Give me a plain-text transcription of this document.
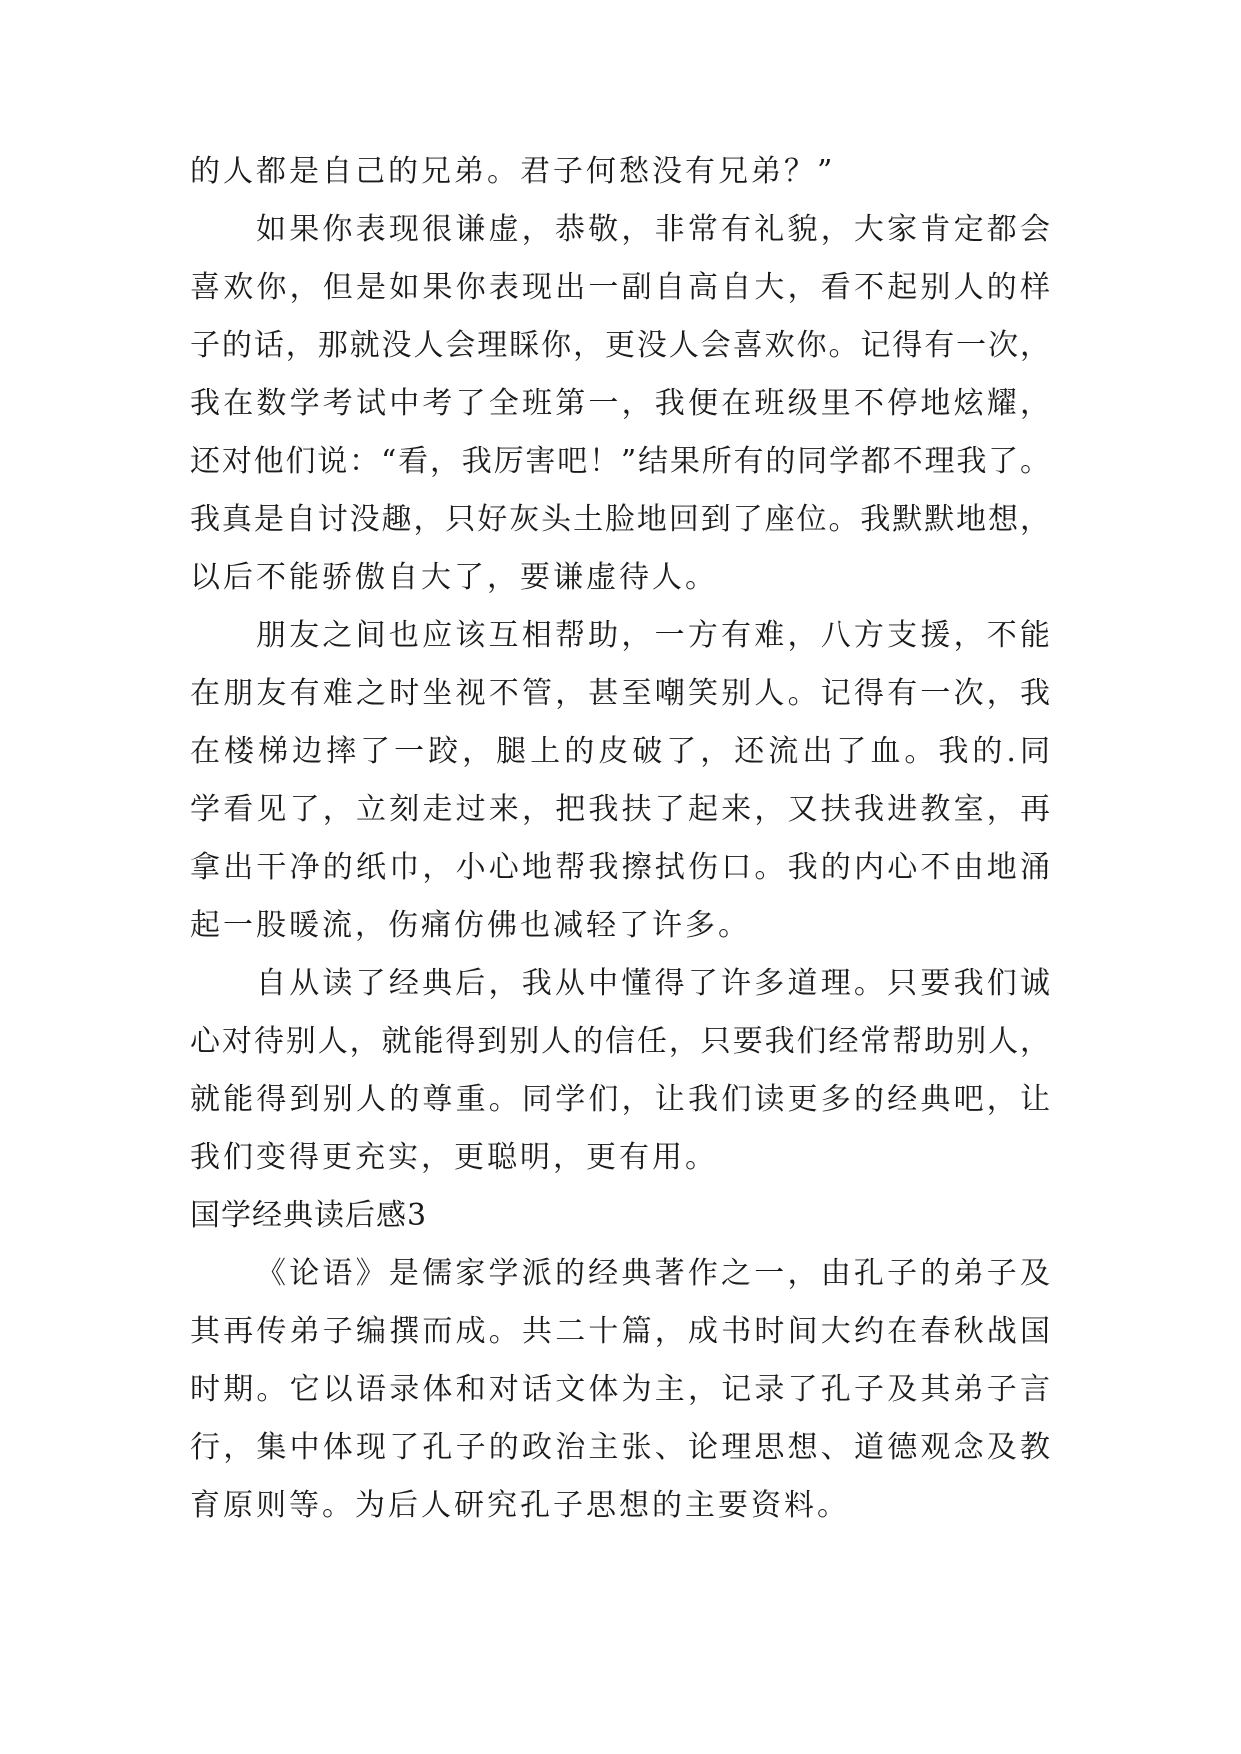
的人都是自己的兄弟。君子何愁没有兄弟？”
如果你表现很谦虚，恭敬，非常有礼貌，大家肯定都会
喜欢你，但是如果你表现出一副自高自大，看不起别人的样
子的话，那就没人会理睬你，更没人会喜欢你。记得有一次，
我在数学考试中考了全班第一，我便在班级里不停地炫耀，
还对他们说：“看，我厉害吧！”结果所有的同学都不理我了。
我真是自讨没趣，只好灰头土脸地回到了座位。我默默地想，
以后不能骄傲自大了，要谦虚待人。
朋友之间也应该互相帮助，一方有难，八方支援，不能
在朋友有难之时坐视不管，甚至嘲笑别人。记得有一次，我
在楼梯边摔了一跤，腿上的皮破了，还流出了血。我的.同
学看见了，立刻走过来，把我扶了起来，又扶我进教室，再
拿出干净的纸巾，小心地帮我擦拭伤口。我的内心不由地涌
起一股暖流，伤痛仿佛也减轻了许多。
自从读了经典后，我从中懂得了许多道理。只要我们诚
心对待别人，就能得到别人的信任，只要我们经常帮助别人，
就能得到别人的尊重。同学们，让我们读更多的经典吧，让
我们变得更充实，更聪明，更有用。
国学经典读后感3
《论语》是儒家学派的经典著作之一，由孔子的弟子及
其再传弟子编撰而成。共二十篇，成书时间大约在春秋战国
时期。它以语录体和对话文体为主，记录了孔子及其弟子言
行，集中体现了孔子的政治主张、论理思想、道德观念及教
育原则等。为后人研究孔子思想的主要资料。
